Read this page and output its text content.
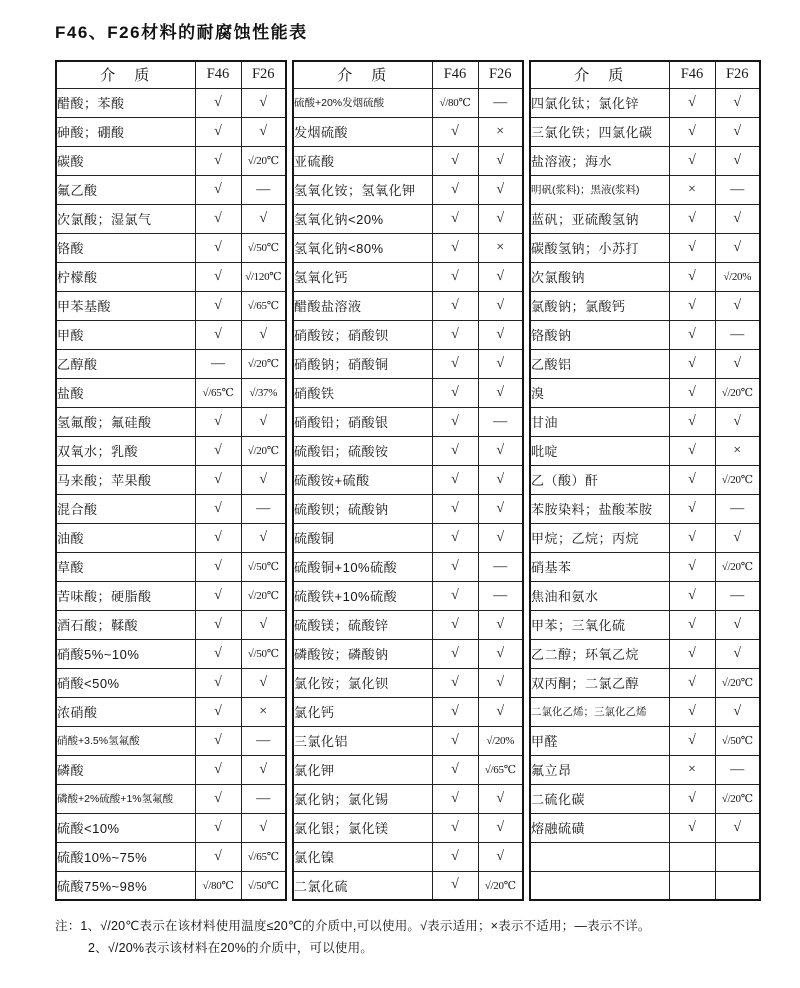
F46、F26材料的耐腐蚀性能表
介　质	F46	F26
醋酸；苯酸	√	√
砷酸；硼酸	√	√
碳酸	√	√/20℃
氟乙酸	√	—
次氯酸；湿氯气	√	√
铬酸	√	√/50℃
柠檬酸	√	√/120℃
甲苯基酸	√	√/65℃
甲酸	√	√
乙醇酸	—	√/20℃
盐酸	√/65℃	√/37%
氢氟酸；氟硅酸	√	√
双氧水；乳酸	√	√/20℃
马来酸；苹果酸	√	√
混合酸	√	—
油酸	√	√
草酸	√	√/50℃
苦味酸；硬脂酸	√	√/20℃
酒石酸；鞣酸	√	√
硝酸5%~10%	√	√/50℃
硝酸<50%	√	√
浓硝酸	√	×
硝酸+3.5%氢氟酸	√	—
磷酸	√	√
磷酸+2%硫酸+1%氢氟酸	√	—
硫酸<10%	√	√
硫酸10%~75%	√	√/65℃
硫酸75%~98%	√/80℃	√/50℃
介　质	F46	F26
硫酸+20%发烟硫酸	√/80℃	—
发烟硫酸	√	×
亚硫酸	√	√
氢氧化铵；氢氧化钾	√	√
氢氧化钠<20%	√	√
氢氧化钠<80%	√	×
氢氧化钙	√	√
醋酸盐溶液	√	√
硝酸铵；硝酸钡	√	√
硝酸钠；硝酸铜	√	√
硝酸铁	√	√
硝酸铅；硝酸银	√	—
硫酸铝；硫酸铵	√	√
硫酸铵+硫酸	√	√
硫酸钡；硫酸钠	√	√
硫酸铜	√	√
硫酸铜+10%硫酸	√	—
硫酸铁+10%硫酸	√	—
硫酸镁；硫酸锌	√	√
磷酸铵；磷酸钠	√	√
氯化铵；氯化钡	√	√
氯化钙	√	√
三氯化铝	√	√/20%
氯化钾	√	√/65℃
氯化钠；氯化锡	√	√
氯化银；氯化镁	√	√
氯化镍	√	√
二氯化硫	√	√/20℃
介　质	F46	F26
四氯化钛；氯化锌	√	√
三氯化铁；四氯化碳	√	√
盐溶液；海水	√	√
明矾(浆料)；黑液(浆料)	×	—
蓝矾；亚硫酸氢钠	√	√
碳酸氢钠；小苏打	√	√
次氯酸钠	√	√/20%
氯酸钠；氯酸钙	√	√
铬酸钠	√	—
乙酸铝	√	√
溴	√	√/20℃
甘油	√	√
吡啶	√	×
乙（酸）酐	√	√/20℃
苯胺染料；盐酸苯胺	√	—
甲烷；乙烷；丙烷	√	√
硝基苯	√	√/20℃
焦油和氨水	√	—
甲苯；三氧化硫	√	√
乙二醇；环氧乙烷	√	√
双丙酮；二氯乙醇	√	√/20℃
二氯化乙烯；三氯化乙烯	√	√
甲醛	√	√/50℃
氟立昂	×	—
二硫化碳	√	√/20℃
熔融硫磺	√	√

注：1、√/20℃表示在该材料使用温度≤20℃的介质中,可以使用。√表示适用；×表示不适用；—表示不详。
2、√/20%表示该材料在20%的介质中，可以使用。
